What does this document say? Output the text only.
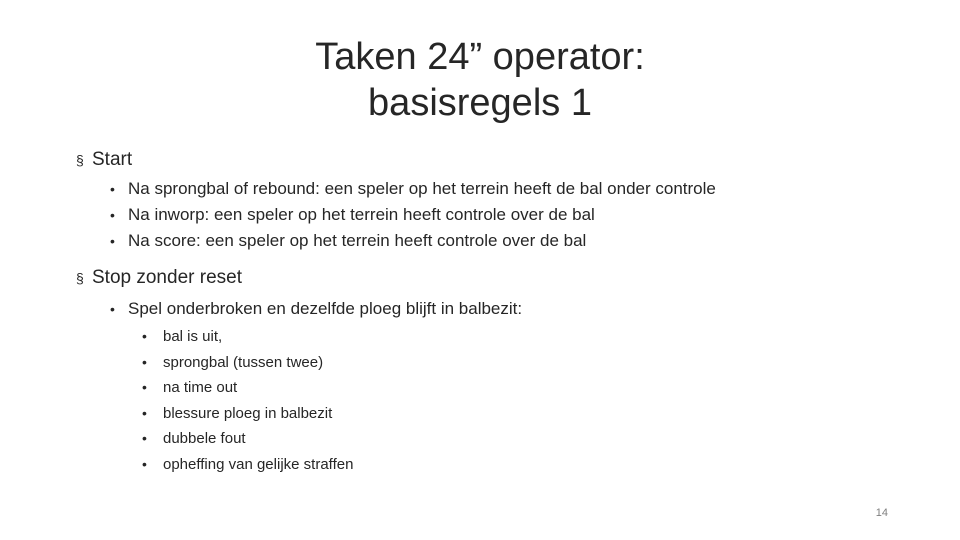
Taken 24” operator:
basisregels 1
§ Start
• Na sprongbal of rebound: een speler op het terrein heeft de bal onder controle
• Na inworp: een speler op het terrein heeft controle over de bal
• Na score: een speler op het terrein heeft controle over de bal
§ Stop zonder reset
• Spel onderbroken en dezelfde ploeg blijft in balbezit:
• bal is uit,
• sprongbal (tussen twee)
• na time out
• blessure ploeg in balbezit
• dubbele fout
• opheffing van gelijke straffen
14
